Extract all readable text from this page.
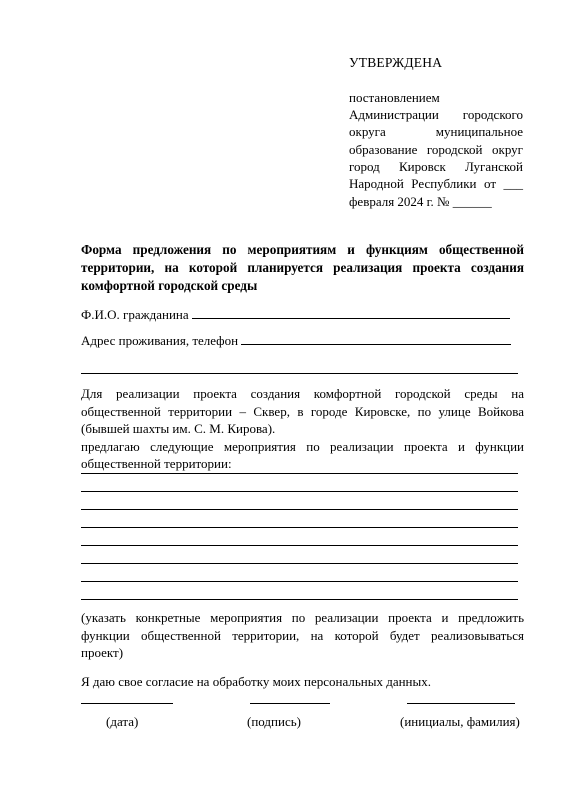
УТВЕРЖДЕНА
постановлением
Администрации городского
округа муниципальное
образование городской округ
город Кировск Луганской
Народной Республики от ___
февраля 2024 г. № ______
Форма предложения по мероприятиям и функциям общественной
территории, на которой планируется реализация проекта создания
комфортной городской среды
Ф.И.О. гражданина
Адрес проживания, телефон
Для реализации проекта создания комфортной городской среды на
общественной территории – Сквер, в городе Кировске, по улице Войкова
(бывшей шахты им. С. М. Кирова).
предлагаю следующие мероприятия по реализации проекта и функции
общественной территории:
(указать конкретные мероприятия по реализации проекта и предложить
функции общественной территории, на которой будет реализовываться
проект)
Я даю свое согласие на обработку моих персональных данных.
(дата)	(подпись)	(инициалы, фамилия)
